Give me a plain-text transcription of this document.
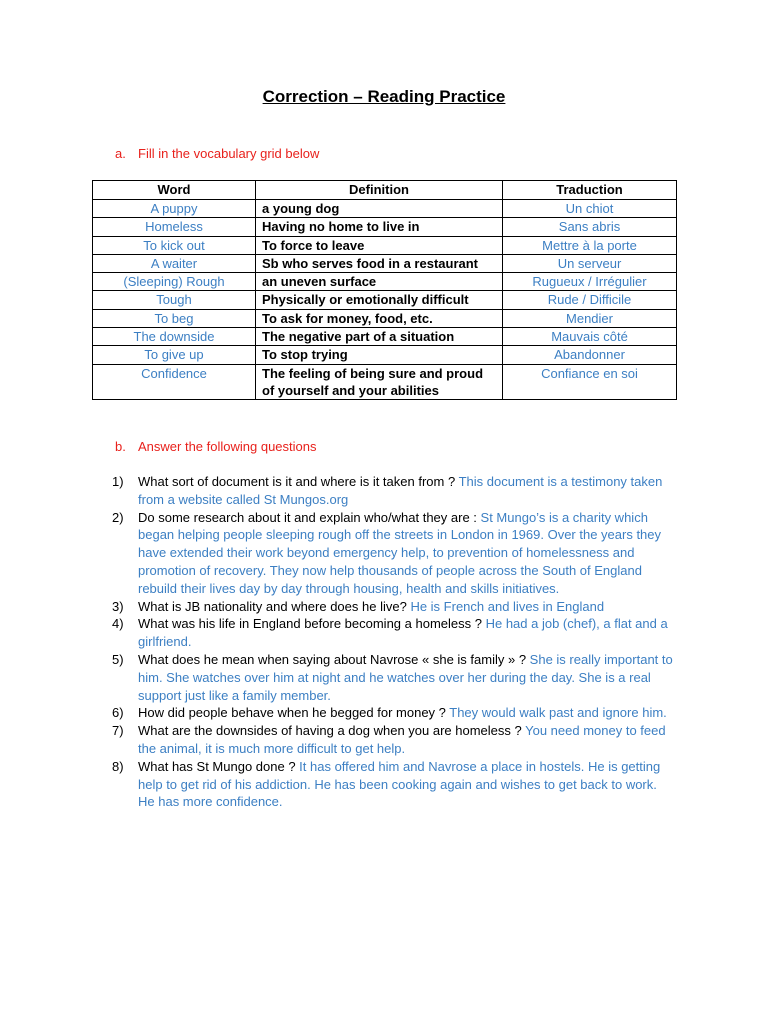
Correction – Reading Practice
a. Fill in the vocabulary grid below
Word	Definition	Traduction
A puppy	a young dog	Un chiot
Homeless	Having no home to live in	Sans abris
To kick out	To force to leave	Mettre à la porte
A waiter	Sb who serves food in a restaurant	Un serveur
(Sleeping) Rough	an uneven surface	Rugueux / Irrégulier
Tough	Physically or emotionally difficult	Rude / Difficile
To beg	To ask for money, food, etc.	Mendier
The downside	The negative part of a situation	Mauvais côté
To give up	To stop trying	Abandonner
Confidence	The feeling of being sure and proud of yourself and your abilities	Confiance en soi
b. Answer the following questions
1) What sort of document is it and where is it taken from ? This document is a testimony taken from a website called St Mungos.org
2) Do some research about it and explain who/what they are : St Mungo’s is a charity which began helping people sleeping rough off the streets in London in 1969. Over the years they have extended their work beyond emergency help, to prevention of homelessness and promotion of recovery. They now help thousands of people across the South of England rebuild their lives day by day through housing, health and skills initiatives.
3) What is JB nationality and where does he live? He is French and lives in England
4) What was his life in England before becoming a homeless ? He had a job (chef), a flat and a girlfriend.
5) What does he mean when saying about Navrose « she is family » ? She is really important to him. She watches over him at night and he watches over her during the day. She is a real support just like a family member.
6) How did people behave when he begged for money ? They would walk past and ignore him.
7) What are the downsides of having a dog when you are homeless ? You need money to feed the animal, it is much more difficult to get help.
8) What has St Mungo done ? It has offered him and Navrose a place in hostels. He is getting help to get rid of his addiction. He has been cooking again and wishes to get back to work. He has more confidence.
